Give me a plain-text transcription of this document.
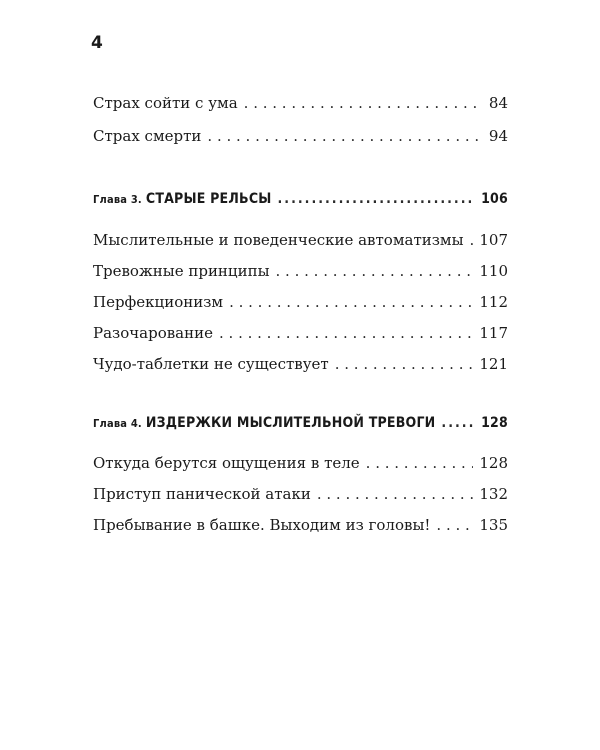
4
Страх сойти с ума . . .	84
Страх смерти . . .	94
Глава 3. СТАРЫЕ РЕЛЬСЫ .....	106
Мыслительные и поведенческие автоматизмы . . . 107
Тревожные принципы . . .	110
Перфекционизм . . .	112
Разочарование . . .	117
Чудо-таблетки не существует . . .	121
Глава 4. ИЗДЕРЖКИ МЫСЛИТЕЛЬНОЙ ТРЕВОГИ .....	128
Откуда берутся ощущения в теле . . .	128
Приступ панической атаки . . .	132
Пребывание в башке. Выходим из головы! . . .	135
